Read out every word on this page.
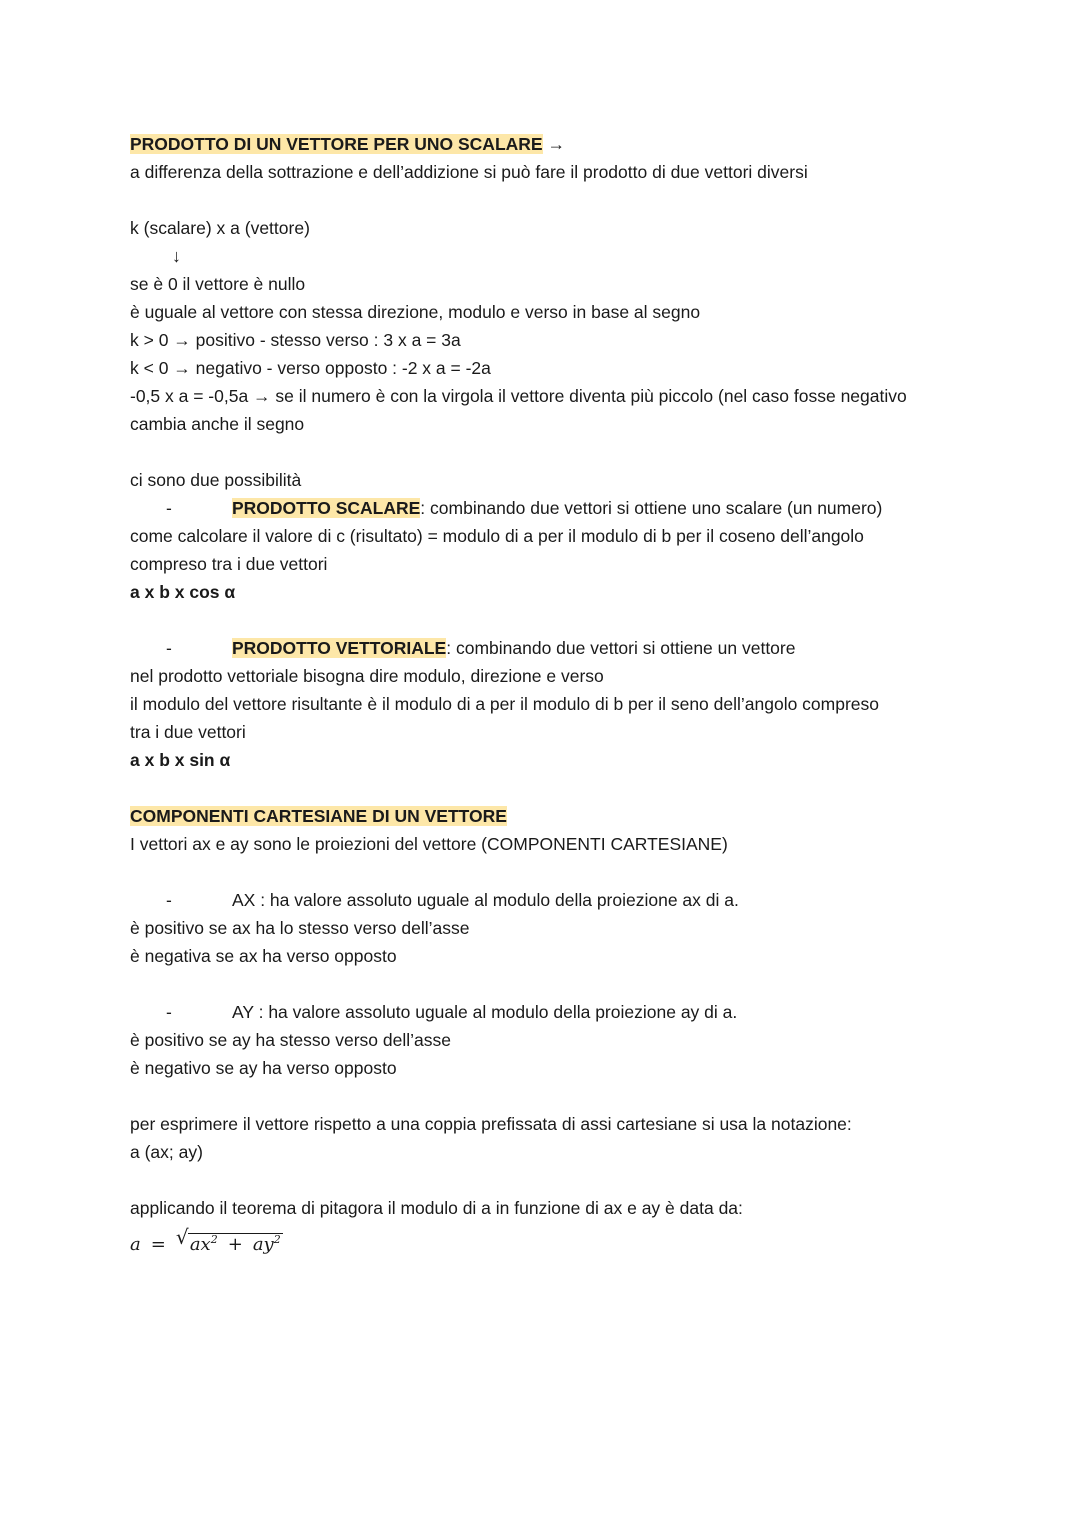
PRODOTTO DI UN VETTORE PER UNO SCALARE →
a differenza della sottrazione e dell’addizione si può fare il prodotto di due vettori diversi
k (scalare) x a (vettore)
↓
se è 0 il vettore è nullo
è uguale al vettore con stessa direzione, modulo e verso in base al segno
k > 0 → positivo - stesso verso : 3 x a = 3a
k < 0 → negativo - verso opposto : -2 x a = -2a
-0,5 x a = -0,5a → se il numero è con la virgola il vettore diventa più piccolo (nel caso fosse negativo
cambia anche il segno
ci sono due possibilità
-	PRODOTTO SCALARE: combinando due vettori si ottiene uno scalare (un numero)
come calcolare il valore di c (risultato) = modulo di a per il modulo di b per il coseno dell’angolo
compreso tra i due vettori
a x b x cos α
-	PRODOTTO VETTORIALE: combinando due vettori si ottiene un vettore
nel prodotto vettoriale bisogna dire modulo, direzione e verso
il modulo del vettore risultante è il modulo di a per il modulo di b per il seno dell’angolo compreso
tra i due vettori
a x b x sin α
COMPONENTI CARTESIANE DI UN VETTORE
I vettori ax e ay sono le proiezioni del vettore (COMPONENTI CARTESIANE)
-	AX : ha valore assoluto uguale al modulo della proiezione ax di a.
è positivo se ax ha lo stesso verso dell’asse
è negativa se ax ha verso opposto
-	AY : ha valore assoluto uguale al modulo della proiezione ay di a.
è positivo se ay ha stesso verso dell’asse
è negativo se ay ha verso opposto
per esprimere il vettore rispetto a una coppia prefissata di assi cartesiane si usa la notazione:
a (ax; ay)
applicando il teorema di pitagora il modulo di a in funzione di ax e ay è data da:
a = √ $ax^2 + ay^2$
